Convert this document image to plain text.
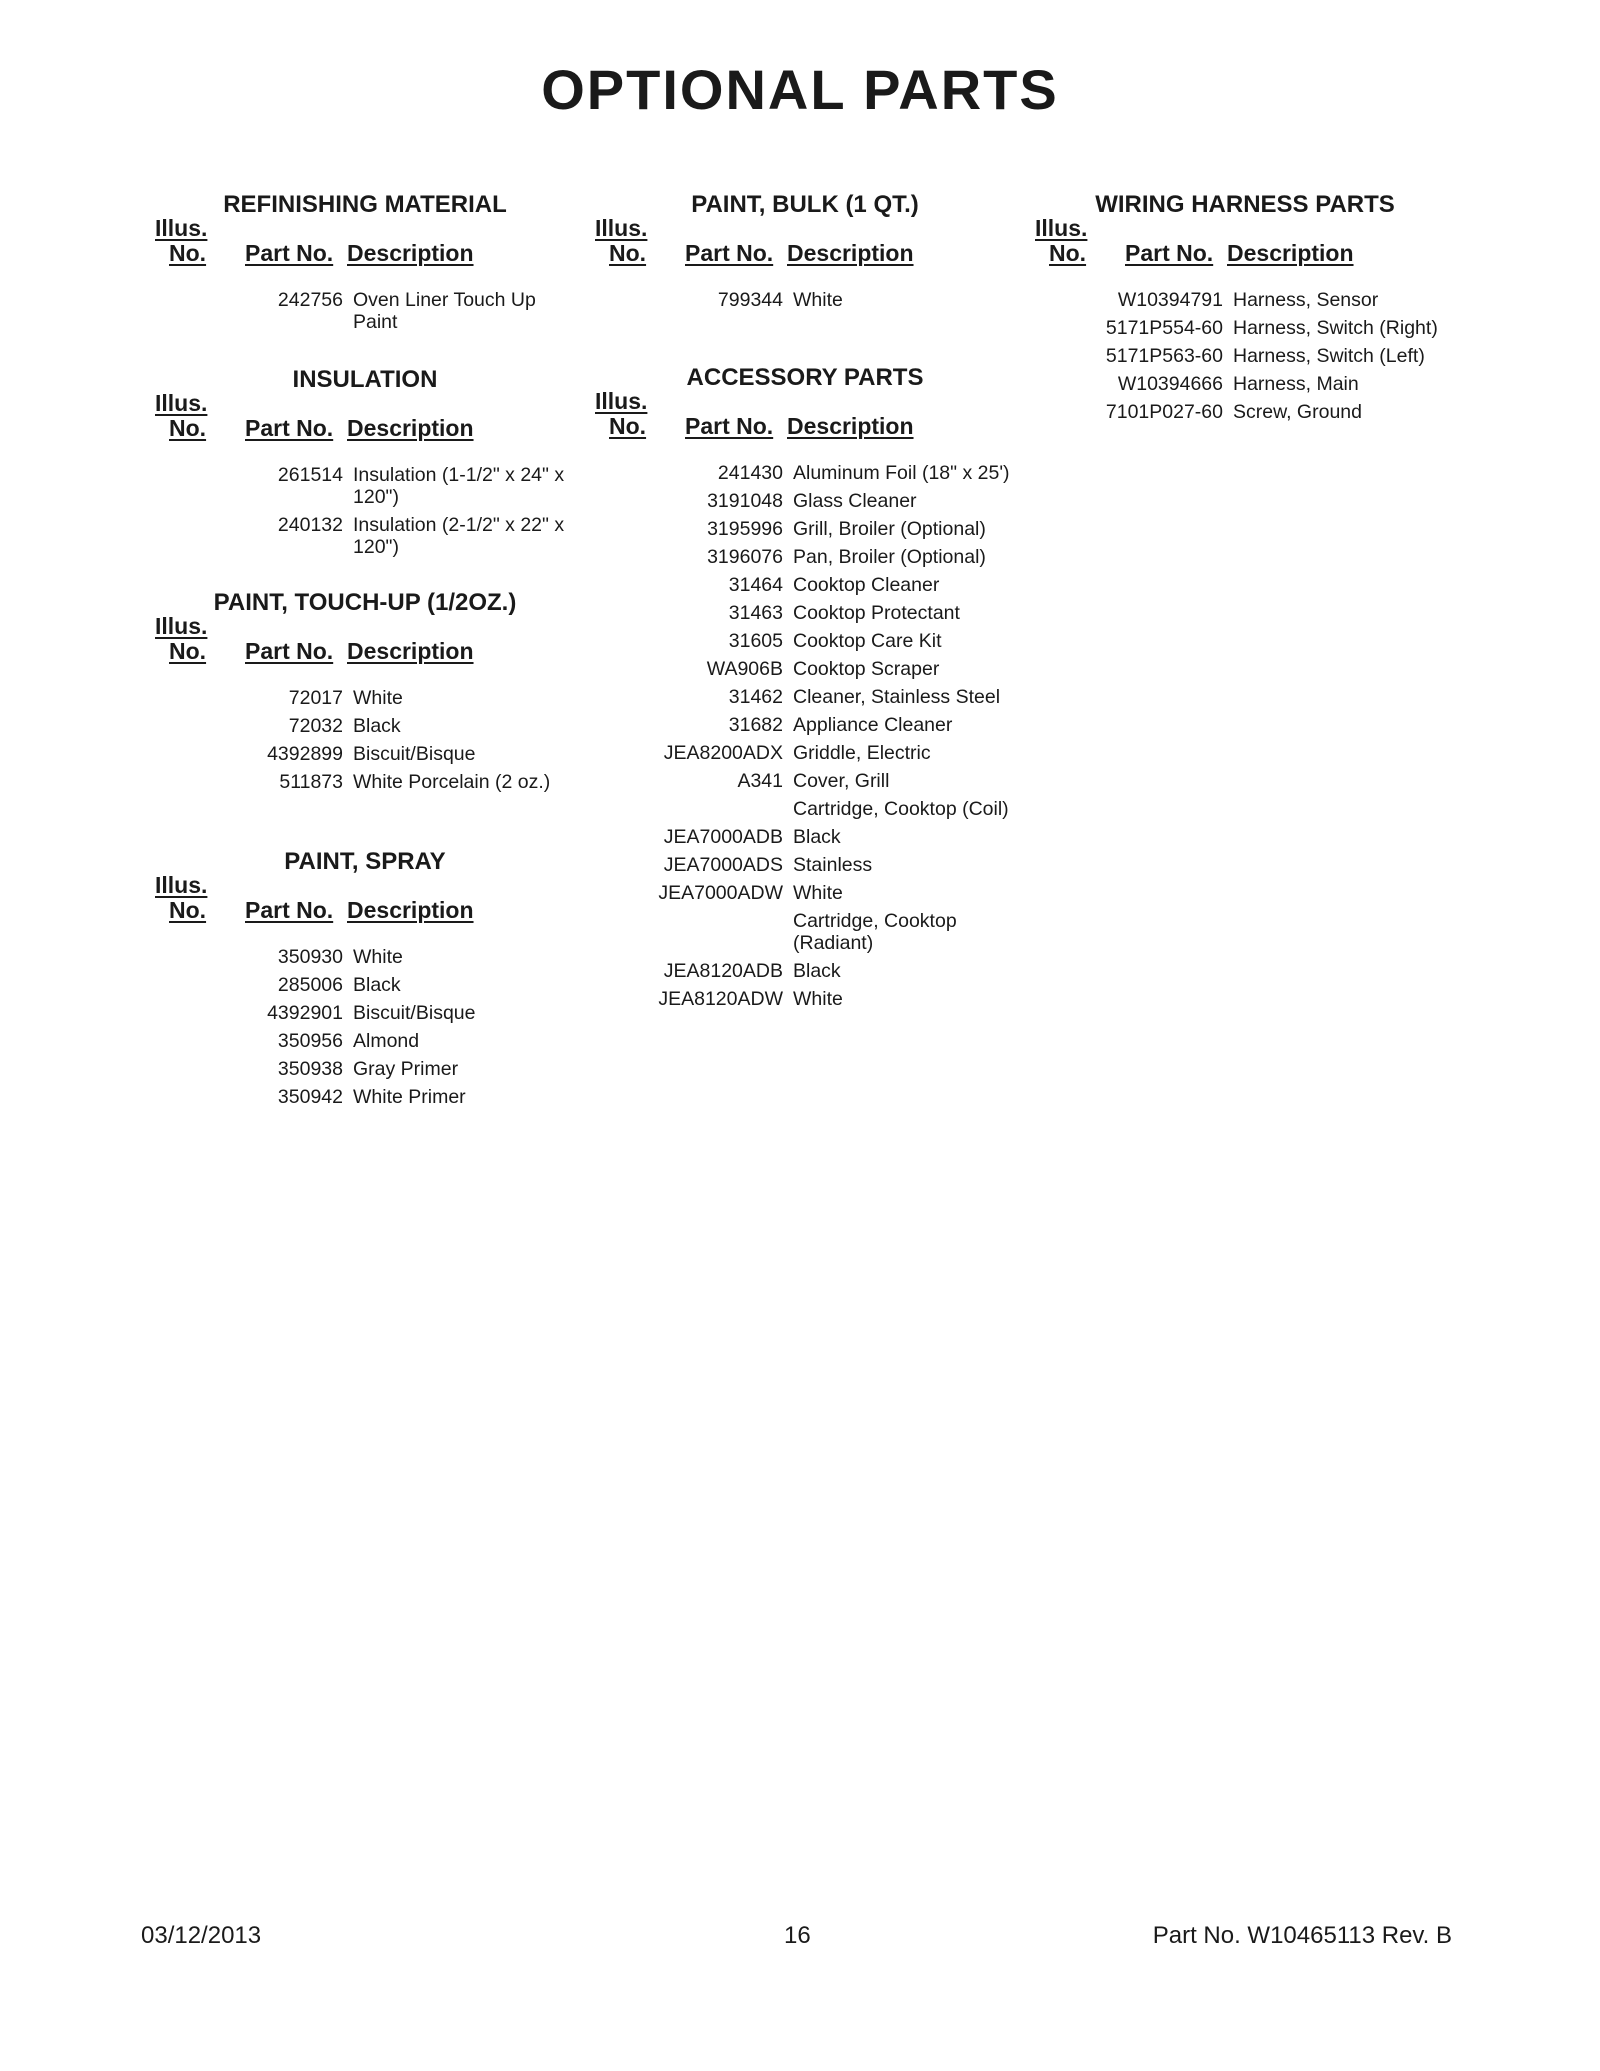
OPTIONAL PARTS
REFINISHING MATERIAL
Illus.
No. Part No. Description
242756 Oven Liner Touch Up Paint
INSULATION
Illus.
No. Part No. Description
261514 Insulation (1-1/2" x 24" x 120")
240132 Insulation (2-1/2" x 22" x 120")
PAINT, TOUCH-UP (1/2OZ.)
Illus.
No. Part No. Description
72017 White
72032 Black
4392899 Biscuit/Bisque
511873 White Porcelain (2 oz.)
PAINT, SPRAY
Illus.
No. Part No. Description
350930 White
285006 Black
4392901 Biscuit/Bisque
350956 Almond
350938 Gray Primer
350942 White Primer
PAINT, BULK (1 QT.)
Illus.
No. Part No. Description
799344 White
ACCESSORY PARTS
Illus.
No. Part No. Description
241430 Aluminum Foil (18" x 25')
3191048 Glass Cleaner
3195996 Grill, Broiler (Optional)
3196076 Pan, Broiler (Optional)
31464 Cooktop Cleaner
31463 Cooktop Protectant
31605 Cooktop Care Kit
WA906B Cooktop Scraper
31462 Cleaner, Stainless Steel
31682 Appliance Cleaner
JEA8200ADX Griddle, Electric
A341 Cover, Grill
Cartridge, Cooktop (Coil)
JEA7000ADB Black
JEA7000ADS Stainless
JEA7000ADW White
Cartridge, Cooktop (Radiant)
JEA8120ADB Black
JEA8120ADW White
WIRING HARNESS PARTS
Illus.
No. Part No. Description
W10394791 Harness, Sensor
5171P554-60 Harness, Switch (Right)
5171P563-60 Harness, Switch (Left)
W10394666 Harness, Main
7101P027-60 Screw, Ground
03/12/2013	16	Part No. W10465113 Rev. B
